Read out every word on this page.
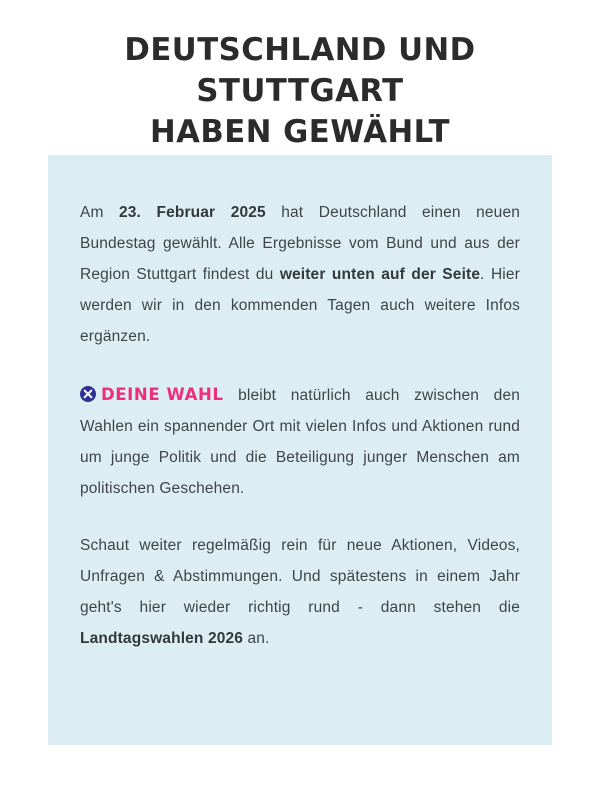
DEUTSCHLAND UND STUTTGART
HABEN GEWÄHLT

Am 23. Februar 2025 hat Deutschland einen neuen Bundestag gewählt. Alle Ergebnisse vom Bund und aus der Region Stuttgart findest du weiter unten auf der Seite. Hier werden wir in den kommenden Tagen auch weitere Infos ergänzen.

DEINE WAHL bleibt natürlich auch zwischen den Wahlen ein spannender Ort mit vielen Infos und Aktionen rund um junge Politik und die Beteiligung junger Menschen am politischen Geschehen.

Schaut weiter regelmäßig rein für neue Aktionen, Videos, Unfragen & Abstimmungen. Und spätestens in einem Jahr geht's hier wieder richtig rund - dann stehen die Landtagswahlen 2026 an.
